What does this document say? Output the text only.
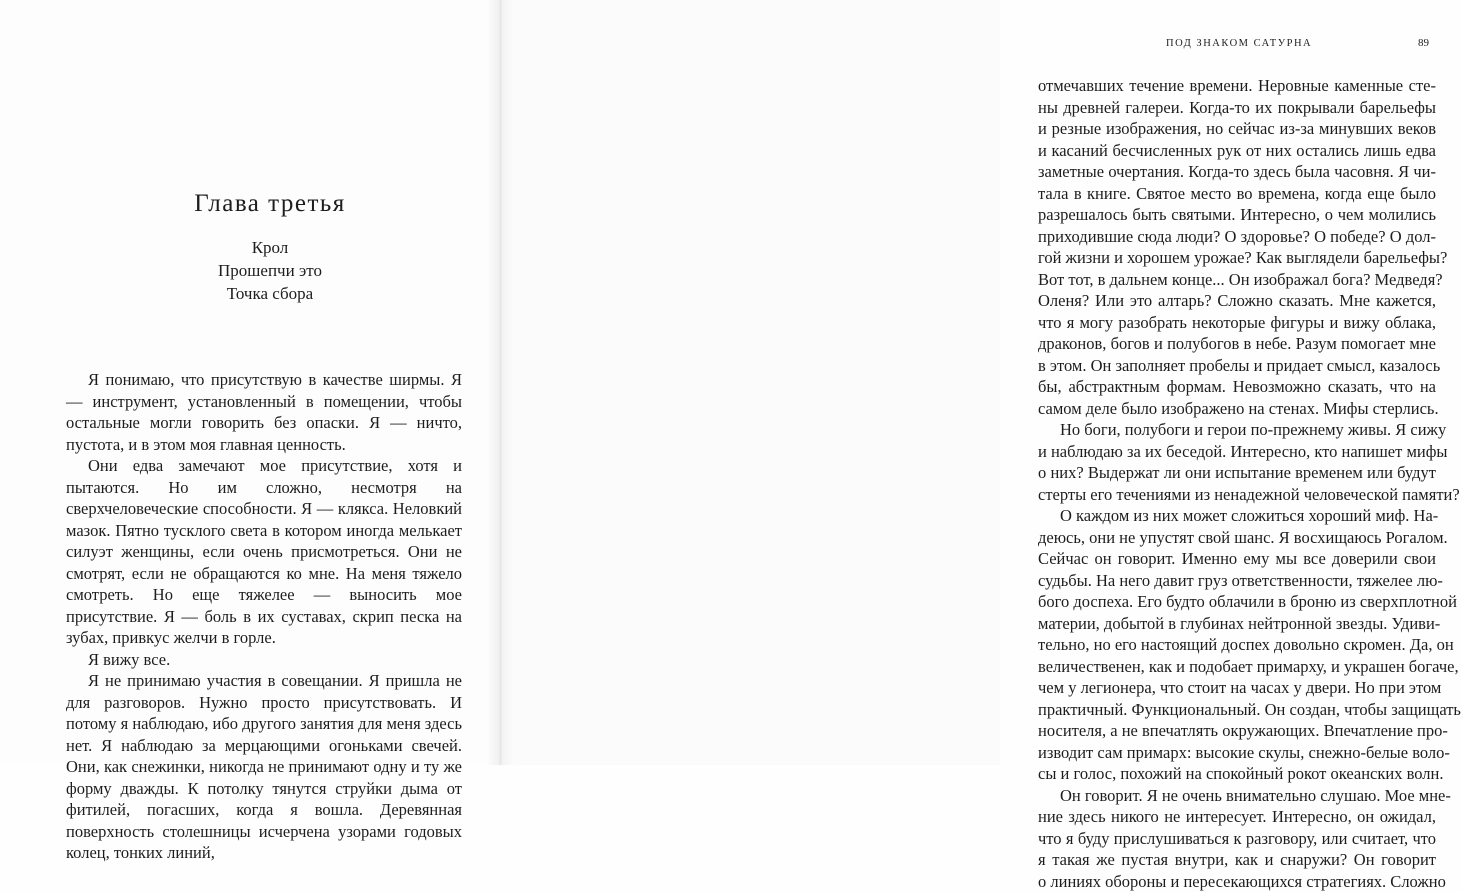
Глава третья
Крол
Прошепчи это
Точка сбора

Я понимаю, что присутствую в качестве ширмы. Я — инструмент, установленный в помещении, чтобы остальные могли говорить без опаски. Я — ничто, пустота, и в этом моя главная ценность.

Они едва замечают мое присутствие, хотя и пытаются. Но им сложно, несмотря на сверхчеловеческие способности. Я — клякса. Неловкий мазок. Пятно тусклого света в котором иногда мелькает силуэт женщины, если очень присмотреться. Они не смотрят, если не обращаются ко мне. На меня тяжело смотреть. Но еще тяжелее — выносить мое присутствие. Я — боль в их суставах, скрип песка на зубах, привкус желчи в горле.

Я вижу все.

Я не принимаю участия в совещании. Я пришла не для разговоров. Нужно просто присутствовать. И потому я наблюдаю, ибо другого занятия для меня здесь нет. Я наблюдаю за мерцающими огоньками свечей. Они, как снежинки, никогда не принимают одну и ту же форму дважды. К потолку тянутся струйки дыма от фитилей, погасших, когда я вошла. Деревянная поверхность столешницы исчерчена узорами годовых колец, тонких линий,

ПОД ЗНАКОМ САТУРНА	89

отмечавших течение времени. Неровные каменные сте-
ны древней галереи. Когда-то их покрывали барельефы
и резные изображения, но сейчас из-за минувших веков
и касаний бесчисленных рук от них остались лишь едва
заметные очертания. Когда-то здесь была часовня. Я чи-
тала в книге. Святое место во времена, когда еще было
разрешалось быть святыми. Интересно, о чем молились
приходившие сюда люди? О здоровье? О победе? О дол-
гой жизни и хорошем урожае? Как выглядели барельефы?
Вот тот, в дальнем конце... Он изображал бога? Медведя?
Оленя? Или это алтарь? Сложно сказать. Мне кажется,
что я могу разобрать некоторые фигуры и вижу облака,
драконов, богов и полубогов в небе. Разум помогает мне
в этом. Он заполняет пробелы и придает смысл, казалось
бы, абстрактным формам. Невозможно сказать, что на
самом деле было изображено на стенах. Мифы стерлись.

Но боги, полубоги и герои по-прежнему живы. Я сижу
и наблюдаю за их беседой. Интересно, кто напишет мифы
о них? Выдержат ли они испытание временем или будут
стерты его течениями из ненадежной человеческой памяти?

О каждом из них может сложиться хороший миф. На-
деюсь, они не упустят свой шанс. Я восхищаюсь Рогалом.
Сейчас он говорит. Именно ему мы все доверили свои
судьбы. На него давит груз ответственности, тяжелее лю-
бого доспеха. Его будто облачили в броню из сверхплотной
материи, добытой в глубинах нейтронной звезды. Удиви-
тельно, но его настоящий доспех довольно скромен. Да, он
величественен, как и подобает примарху, и украшен богаче,
чем у легионера, что стоит на часах у двери. Но при этом
практичный. Функциональный. Он создан, чтобы защищать
носителя, а не впечатлять окружающих. Впечатление про-
изводит сам примарх: высокие скулы, снежно-белые воло-
сы и голос, похожий на спокойный рокот океанских волн.

Он говорит. Я не очень внимательно слушаю. Мое мне-
ние здесь никого не интересует. Интересно, он ожидал,
что я буду прислушиваться к разговору, или считает, что
я такая же пустая внутри, как и снаружи? Он говорит
о линиях обороны и пересекающихся стратегиях. Сложно
